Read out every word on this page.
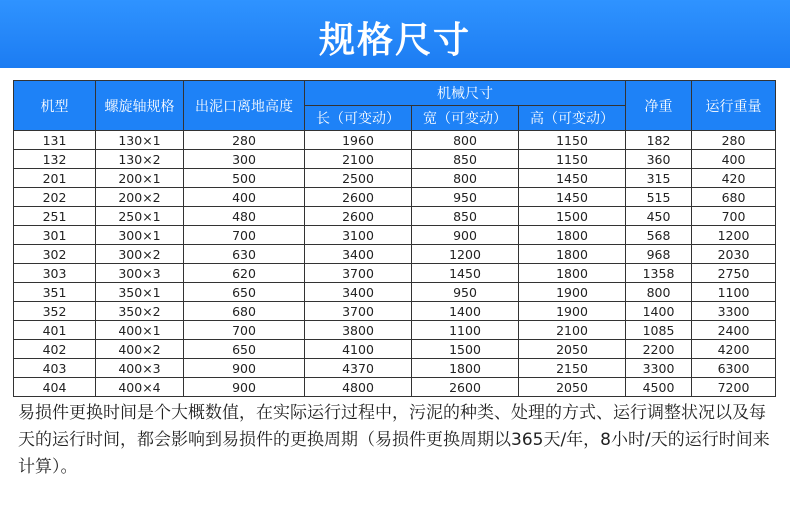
规格尺寸
机型	螺旋轴规格	出泥口离地高度	机械尺寸			净重	运行重量
			长（可变动）	宽（可变动）	高（可变动）		
131	130×1	280	1960	800	1150	182	280
132	130×2	300	2100	850	1150	360	400
201	200×1	500	2500	800	1450	315	420
202	200×2	400	2600	950	1450	515	680
251	250×1	480	2600	850	1500	450	700
301	300×1	700	3100	900	1800	568	1200
302	300×2	630	3400	1200	1800	968	2030
303	300×3	620	3700	1450	1800	1358	2750
351	350×1	650	3400	950	1900	800	1100
352	350×2	680	3700	1400	1900	1400	3300
401	400×1	700	3800	1100	2100	1085	2400
402	400×2	650	4100	1500	2050	2200	4200
403	400×3	900	4370	1800	2150	3300	6300
404	400×4	900	4800	2600	2050	4500	7200
易损件更换时间是个大概数值，在实际运行过程中，污泥的种类、处理的方式、运行调整状况以及每天的运行时间，都会影响到易损件的更换周期（易损件更换周期以365天/年，8小时/天的运行时间来计算）。
